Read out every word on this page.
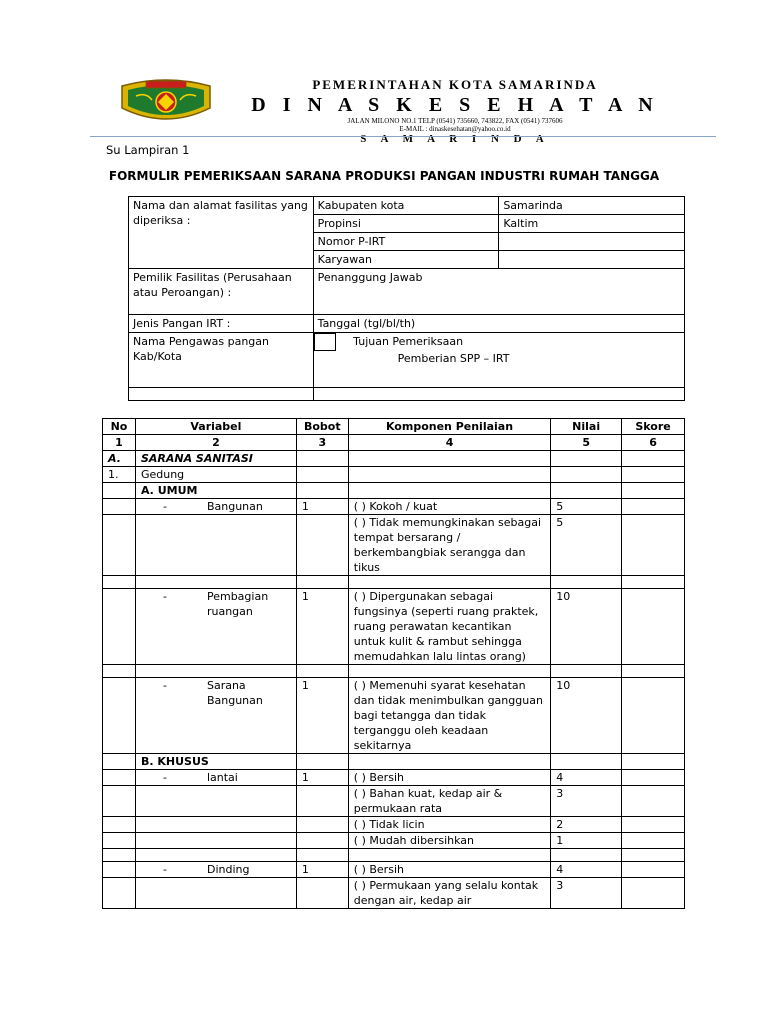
PEMERINTAHAN KOTA SAMARINDA
D I N A S K E S E H A T A N
JALAN MILONO NO.1 TELP (0541) 735660, 743822, FAX (0541) 737606
E-MAIL : dinaskesehatan@yahoo.co.id
S A M A R I N D A
Su Lampiran 1
FORMULIR PEMERIKSAAN SARANA PRODUKSI PANGAN INDUSTRI RUMAH TANGGA
Nama dan alamat fasilitas yang diperiksa :	Kabupaten kota	Samarinda
	Propinsi	Kaltim
	Nomor P-IRT	
	Karyawan	
Pemilik Fasilitas (Perusahaan atau Peroangan) :	Penanggung Jawab	
Jenis Pangan IRT :	Tanggal (tgl/bl/th)	
Nama Pengawas pangan Kab/Kota	Tujuan Pemeriksaan
Pemberian SPP – IRT	

No	Variabel	Bobot	Komponen Penilaian	Nilai	Skore
1	2	3	4	5	6
A.	SARANA SANITASI				
1.	Gedung				
	A. UMUM				

	- Bangunan	1	( ) Kokoh / kuat	5	
			( ) Tidak memungkinakan sebagai tempat bersarang / berkembangbiak serangga dan tikus	5	

	- Pembagian ruangan	1	( ) Dipergunakan sebagai fungsinya (seperti ruang praktek, ruang perawatan kecantikan untuk kulit & rambut sehingga memudahkan lalu lintas orang)	10	

	- Sarana Bangunan	1	( ) Memenuhi syarat kesehatan dan tidak menimbulkan gangguan bagi tetangga dan tidak terganggu oleh keadaan sekitarnya	10	
	B. KHUSUS				

	- lantai	1	( ) Bersih	4	
			( ) Bahan kuat, kedap air & permukaan rata	3	
			( ) Tidak licin	2	
			( ) Mudah dibersihkan	1	

	- Dinding	1	( ) Bersih	4	
			( ) Permukaan yang selalu kontak dengan air, kedap air	3	
